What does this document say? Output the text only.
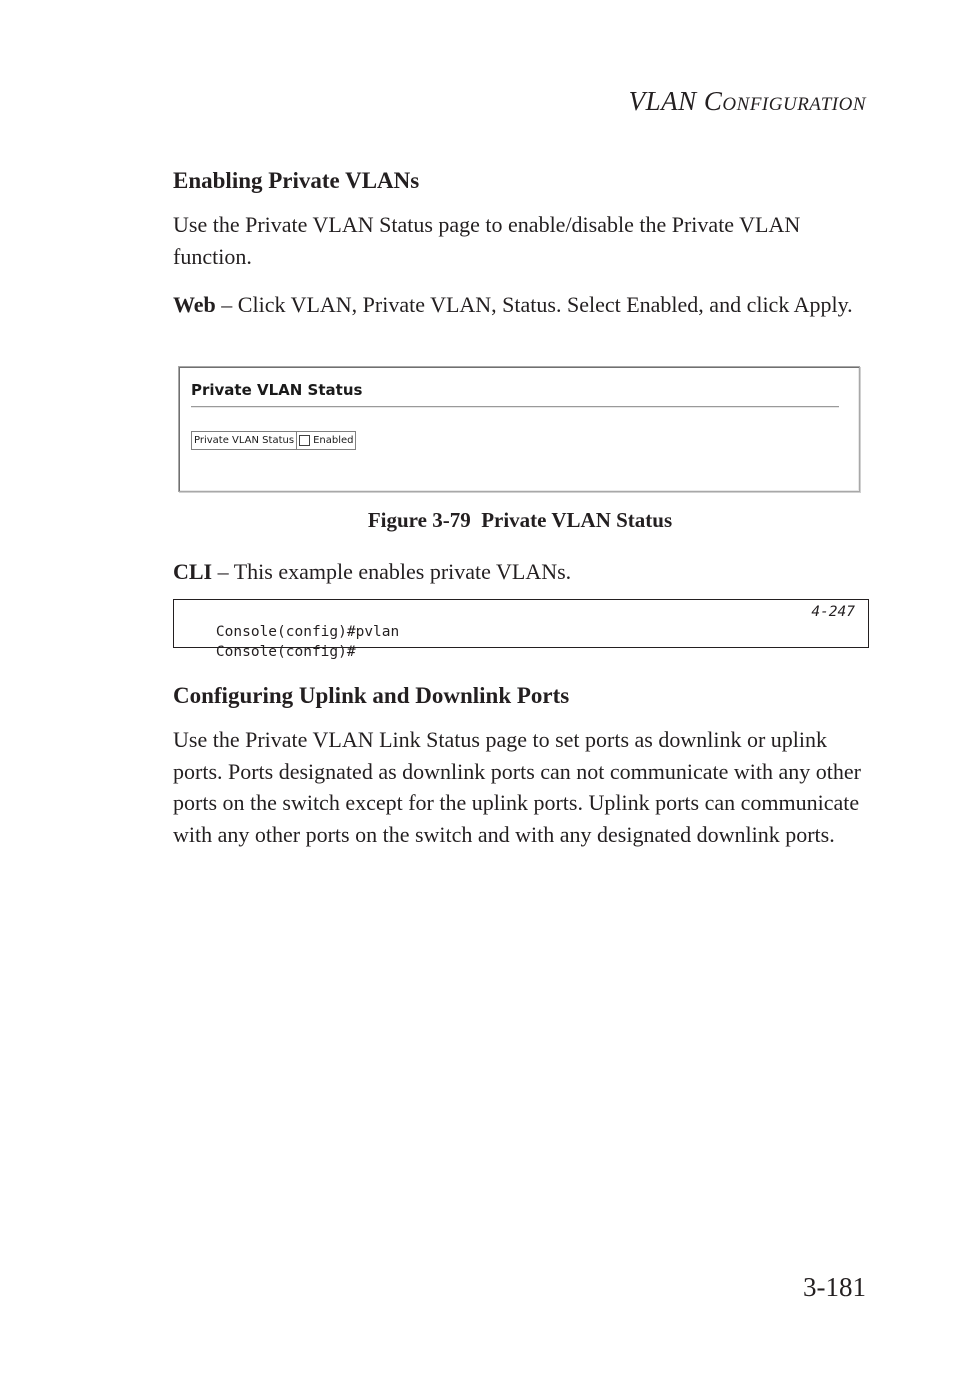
VLAN CONFIGURATION
Enabling Private VLANs

Use the Private VLAN Status page to enable/disable the Private VLAN function.

Web – Click VLAN, Private VLAN, Status. Select Enabled, and click Apply.

Private VLAN Status
Private VLAN Status	Enabled
Figure 3-79  Private VLAN Status

CLI – This example enables private VLANs.

Console(config)#pvlan

4-247

Console(config)#

Configuring Uplink and Downlink Ports

Use the Private VLAN Link Status page to set ports as downlink or uplink ports. Ports designated as downlink ports can not communicate with any other ports on the switch except for the uplink ports. Uplink ports can communicate with any other ports on the switch and with any designated downlink ports.

3-181
